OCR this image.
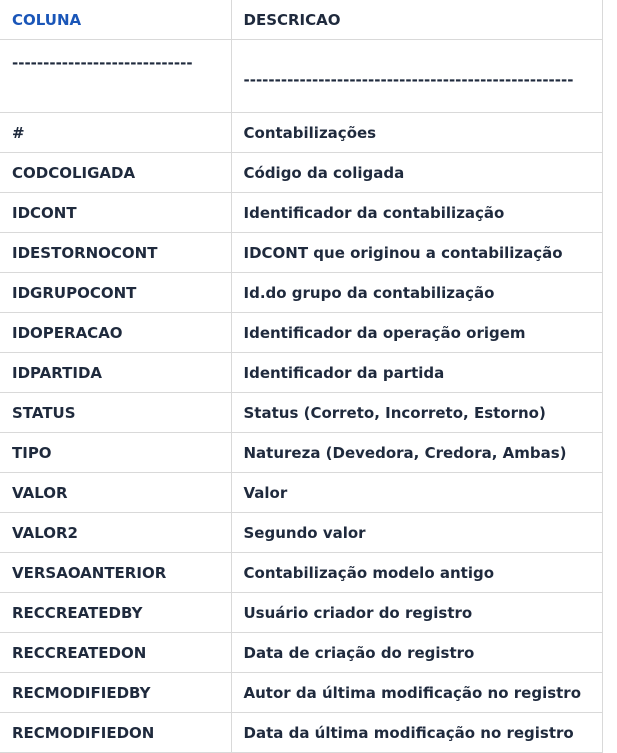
COLUNA	DESCRICAO
-----------------------------	-----------------------------------------------------
#	Contabilizações
CODCOLIGADA	Código da coligada
IDCONT	Identificador da contabilização
IDESTORNOCONT	IDCONT que originou a contabilização
IDGRUPOCONT	Id.do grupo da contabilização
IDOPERACAO	Identificador da operação origem
IDPARTIDA	Identificador da partida
STATUS	Status (Correto, Incorreto, Estorno)
TIPO	Natureza (Devedora, Credora, Ambas)
VALOR	Valor
VALOR2	Segundo valor
VERSAOANTERIOR	Contabilização modelo antigo
RECCREATEDBY	Usuário criador do registro
RECCREATEDON	Data de criação do registro
RECMODIFIEDBY	Autor da última modificação no registro
RECMODIFIEDON	Data da última modificação no registro
